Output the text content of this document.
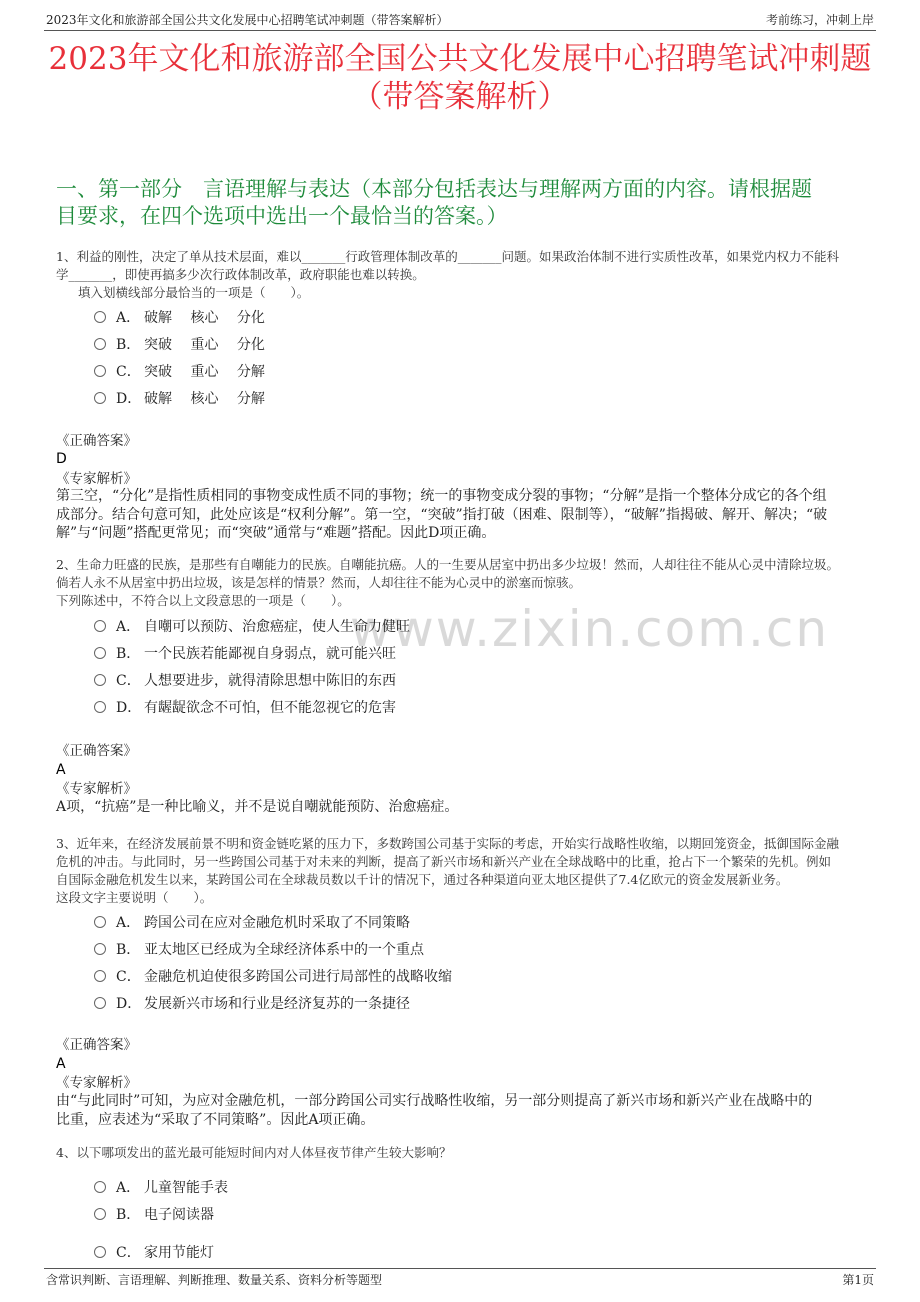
2023年文化和旅游部全国公共文化发展中心招聘笔试冲刺题（带答案解析）	考前练习，冲刺上岸
2023年文化和旅游部全国公共文化发展中心招聘笔试冲刺题
（带答案解析）
一、第一部分　言语理解与表达（本部分包括表达与理解两方面的内容。请根据题
目要求，在四个选项中选出一个最恰当的答案。）
www.zixin.com.cn
1、利益的刚性，决定了单从技术层面，难以_______行政管理体制改革的_______问题。如果政治体制不进行实质性改革，如果党内权力不能科
学_______，即使再搞多少次行政体制改革，政府职能也难以转换。
填入划横线部分最恰当的一项是（　　）。
A． 破解　 核心　 分化
B． 突破　 重心　 分化
C． 突破　 重心　 分解
D． 破解　 核心　 分解
《正确答案》
D
《专家解析》
第三空，“分化”是指性质相同的事物变成性质不同的事物；统一的事物变成分裂的事物；“分解”是指一个整体分成它的各个组
成部分。结合句意可知，此处应该是“权利分解”。第一空，“突破”指打破（困难、限制等），“破解”指揭破、解开、解决；“破
解”与“问题”搭配更常见；而“突破”通常与“难题”搭配。因此D项正确。
2、生命力旺盛的民族，是那些有自嘲能力的民族。自嘲能抗癌。人的一生要从居室中扔出多少垃圾！然而，人却往往不能从心灵中清除垃圾。
倘若人永不从居室中扔出垃圾，该是怎样的情景？然而，人却往往不能为心灵中的淤塞而惊骇。
下列陈述中，不符合以上文段意思的一项是（　　）。
A． 自嘲可以预防、治愈癌症，使人生命力健旺
B． 一个民族若能鄙视自身弱点，就可能兴旺
C． 人想要进步，就得清除思想中陈旧的东西
D． 有龌龊欲念不可怕，但不能忽视它的危害
《正确答案》
A
《专家解析》
A项，“抗癌”是一种比喻义，并不是说自嘲就能预防、治愈癌症。
3、近年来，在经济发展前景不明和资金链吃紧的压力下，多数跨国公司基于实际的考虑，开始实行战略性收缩，以期回笼资金，抵御国际金融
危机的冲击。与此同时，另一些跨国公司基于对未来的判断，提高了新兴市场和新兴产业在全球战略中的比重，抢占下一个繁荣的先机。例如
自国际金融危机发生以来，某跨国公司在全球裁员数以千计的情况下，通过各种渠道向亚太地区提供了7.4亿欧元的资金发展新业务。
这段文字主要说明（　　）。
A． 跨国公司在应对金融危机时采取了不同策略
B． 亚太地区已经成为全球经济体系中的一个重点
C． 金融危机迫使很多跨国公司进行局部性的战略收缩
D． 发展新兴市场和行业是经济复苏的一条捷径
《正确答案》
A
《专家解析》
由“与此同时”可知，为应对金融危机，一部分跨国公司实行战略性收缩，另一部分则提高了新兴市场和新兴产业在战略中的
比重，应表述为“采取了不同策略”。因此A项正确。
4、以下哪项发出的蓝光最可能短时间内对人体昼夜节律产生较大影响？
A． 儿童智能手表
B． 电子阅读器
C． 家用节能灯
含常识判断、言语理解、判断推理、数量关系、资料分析等题型	第1页
